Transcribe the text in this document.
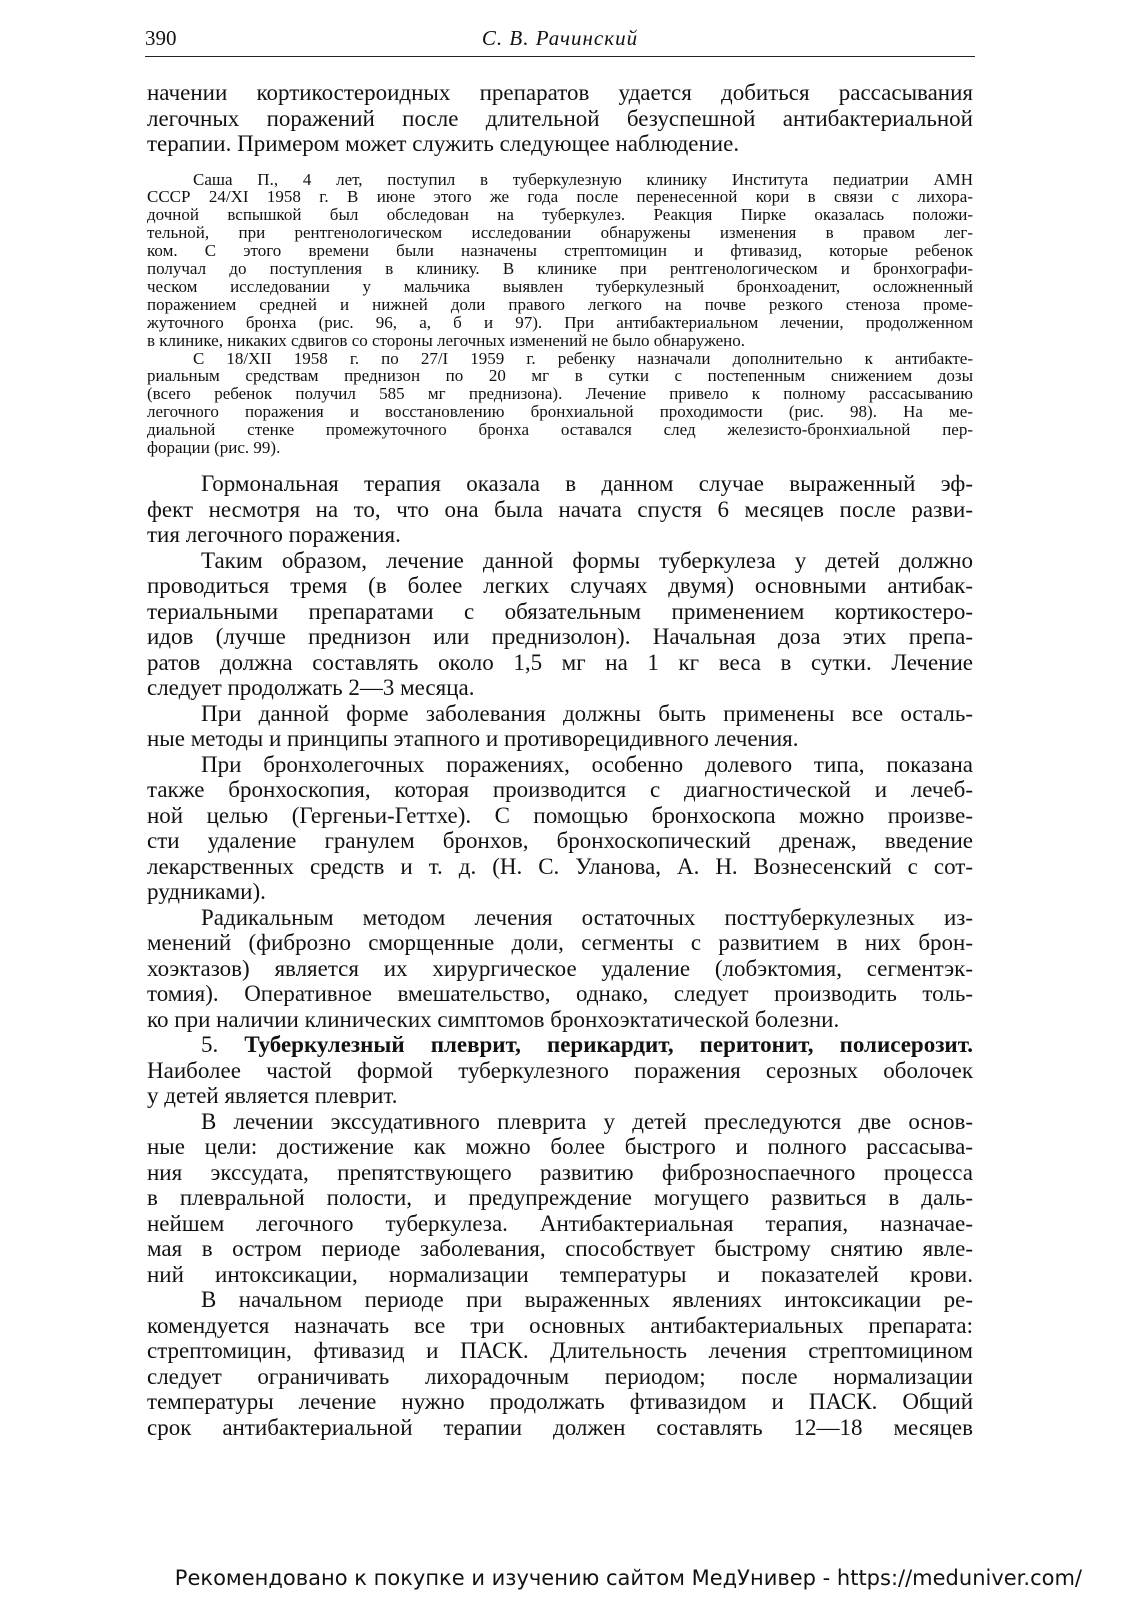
390	С. В. Рачинский
начении кортикостероидных препаратов удается добиться рассасывания
легочных поражений после длительной безуспешной антибактериальной
терапии. Примером может служить следующее наблюдение.
Саша П., 4 лет, поступил в туберкулезную клинику Института педиатрии АМН
СССР 24/XI 1958 г. В июне этого же года после перенесенной кори в связи с лихора-
дочной вспышкой был обследован на туберкулез. Реакция Пирке оказалась положи-
тельной, при рентгенологическом исследовании обнаружены изменения в правом лег-
ком. С этого времени были назначены стрептомицин и фтивазид, которые ребенок
получал до поступления в клинику. В клинике при рентгенологическом и бронхографи-
ческом исследовании у мальчика выявлен туберкулезный бронхоаденит, осложненный
поражением средней и нижней доли правого легкого на почве резкого стеноза проме-
жуточного бронха (рис. 96, а, б и 97). При антибактериальном лечении, продолженном
в клинике, никаких сдвигов со стороны легочных изменений не было обнаружено.
С 18/XII 1958 г. по 27/I 1959 г. ребенку назначали дополнительно к антибакте-
риальным средствам преднизон по 20 мг в сутки с постепенным снижением дозы
(всего ребенок получил 585 мг преднизона). Лечение привело к полному рассасыванию
легочного поражения и восстановлению бронхиальной проходимости (рис. 98). На ме-
диальной стенке промежуточного бронха оставался след железисто-бронхиальной пер-
форации (рис. 99).
Гормональная терапия оказала в данном случае выраженный эф-
фект несмотря на то, что она была начата спустя 6 месяцев после разви-
тия легочного поражения.
Таким образом, лечение данной формы туберкулеза у детей должно
проводиться тремя (в более легких случаях двумя) основными антибак-
териальными препаратами с обязательным применением кортикостеро-
идов (лучше преднизон или преднизолон). Начальная доза этих препа-
ратов должна составлять около 1,5 мг на 1 кг веса в сутки. Лечение
следует продолжать 2—3 месяца.
При данной форме заболевания должны быть применены все осталь-
ные методы и принципы этапного и противорецидивного лечения.
При бронхолегочных поражениях, особенно долевого типа, показана
также бронхоскопия, которая производится с диагностической и лечеб-
ной целью (Гергеньи-Геттхе). С помощью бронхоскопа можно произве-
сти удаление гранулем бронхов, бронхоскопический дренаж, введение
лекарственных средств и т. д. (Н. С. Уланова, А. Н. Вознесенский с сот-
рудниками).
Радикальным методом лечения остаточных посттуберкулезных из-
менений (фиброзно сморщенные доли, сегменты с развитием в них брон-
хоэктазов) является их хирургическое удаление (лобэктомия, сегментэк-
томия). Оперативное вмешательство, однако, следует производить толь-
ко при наличии клинических симптомов бронхоэктатической болезни.
5. Туберкулезный плеврит, перикардит, перитонит, полисерозит.
Наиболее частой формой туберкулезного поражения серозных оболочек
у детей является плеврит.
В лечении экссудативного плеврита у детей преследуются две основ-
ные цели: достижение как можно более быстрого и полного рассасыва-
ния экссудата, препятствующего развитию фиброзноспаечного процесса
в плевральной полости, и предупреждение могущего развиться в даль-
нейшем легочного туберкулеза. Антибактериальная терапия, назначае-
мая в остром периоде заболевания, способствует быстрому снятию явле-
ний интоксикации, нормализации температуры и показателей крови.
В начальном периоде при выраженных явлениях интоксикации ре-
комендуется назначать все три основных антибактериальных препарата:
стрептомицин, фтивазид и ПАСК. Длительность лечения стрептомицином
следует ограничивать лихорадочным периодом; после нормализации
температуры лечение нужно продолжать фтивазидом и ПАСК. Общий
срок антибактериальной терапии должен составлять 12—18 месяцев
Рекомендовано к покупке и изучению сайтом МедУнивер - https://meduniver.com/
